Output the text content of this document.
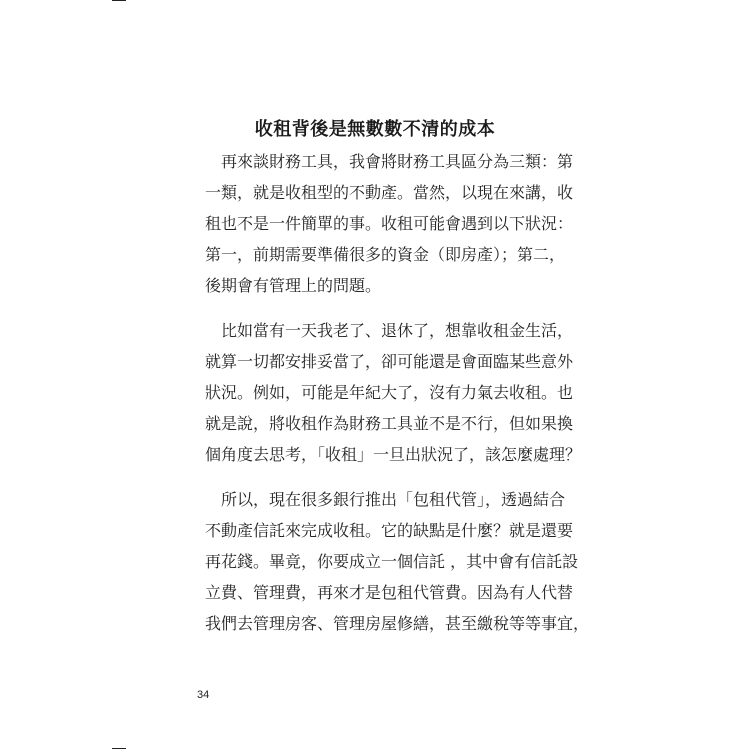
收租背後是無數數不清的成本
　再來談財務工具，我會將財務工具區分為三類：第
一類，就是收租型的不動產。當然，以現在來講，收
租也不是一件簡單的事。收租可能會遇到以下狀況：
第一，前期需要準備很多的資金（即房產）；第二，
後期會有管理上的問題。
　比如當有一天我老了、退休了，想靠收租金生活，
就算一切都安排妥當了，卻可能還是會面臨某些意外
狀況。例如，可能是年紀大了，沒有力氣去收租。也
就是說，將收租作為財務工具並不是不行，但如果換
個角度去思考，「收租」一旦出狀況了，該怎麼處理？
　所以，現在很多銀行推出「包租代管」，透過結合
不動產信託來完成收租。它的缺點是什麼？就是還要
再花錢。畢竟，你要成立一個信託 ，其中會有信託設
立費、管理費，再來才是包租代管費。因為有人代替
我們去管理房客、管理房屋修繕，甚至繳稅等等事宜，
34
